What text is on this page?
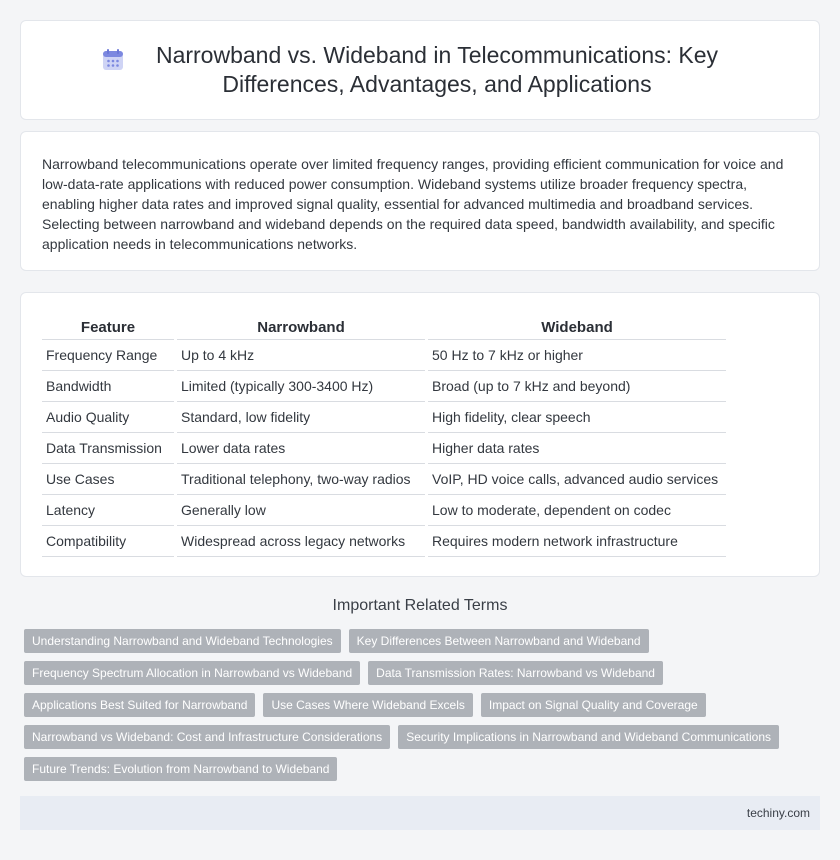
Narrowband vs. Wideband in Telecommunications: Key Differences, Advantages, and Applications

Narrowband telecommunications operate over limited frequency ranges, providing efficient communication for voice and low-data-rate applications with reduced power consumption. Wideband systems utilize broader frequency spectra, enabling higher data rates and improved signal quality, essential for advanced multimedia and broadband services. Selecting between narrowband and wideband depends on the required data speed, bandwidth availability, and specific application needs in telecommunications networks.

Feature	Narrowband	Wideband
Frequency Range	Up to 4 kHz	50 Hz to 7 kHz or higher
Bandwidth	Limited (typically 300-3400 Hz)	Broad (up to 7 kHz and beyond)
Audio Quality	Standard, low fidelity	High fidelity, clear speech
Data Transmission	Lower data rates	Higher data rates
Use Cases	Traditional telephony, two-way radios	VoIP, HD voice calls, advanced audio services
Latency	Generally low	Low to moderate, dependent on codec
Compatibility	Widespread across legacy networks	Requires modern network infrastructure
Important Related Terms
Understanding Narrowband and Wideband Technologies	Key Differences Between Narrowband and Wideband
Frequency Spectrum Allocation in Narrowband vs Wideband	Data Transmission Rates: Narrowband vs Wideband
Applications Best Suited for Narrowband	Use Cases Where Wideband Excels	Impact on Signal Quality and Coverage
Narrowband vs Wideband: Cost and Infrastructure Considerations	Security Implications in Narrowband and Wideband Communications
Future Trends: Evolution from Narrowband to Wideband
techiny.com
